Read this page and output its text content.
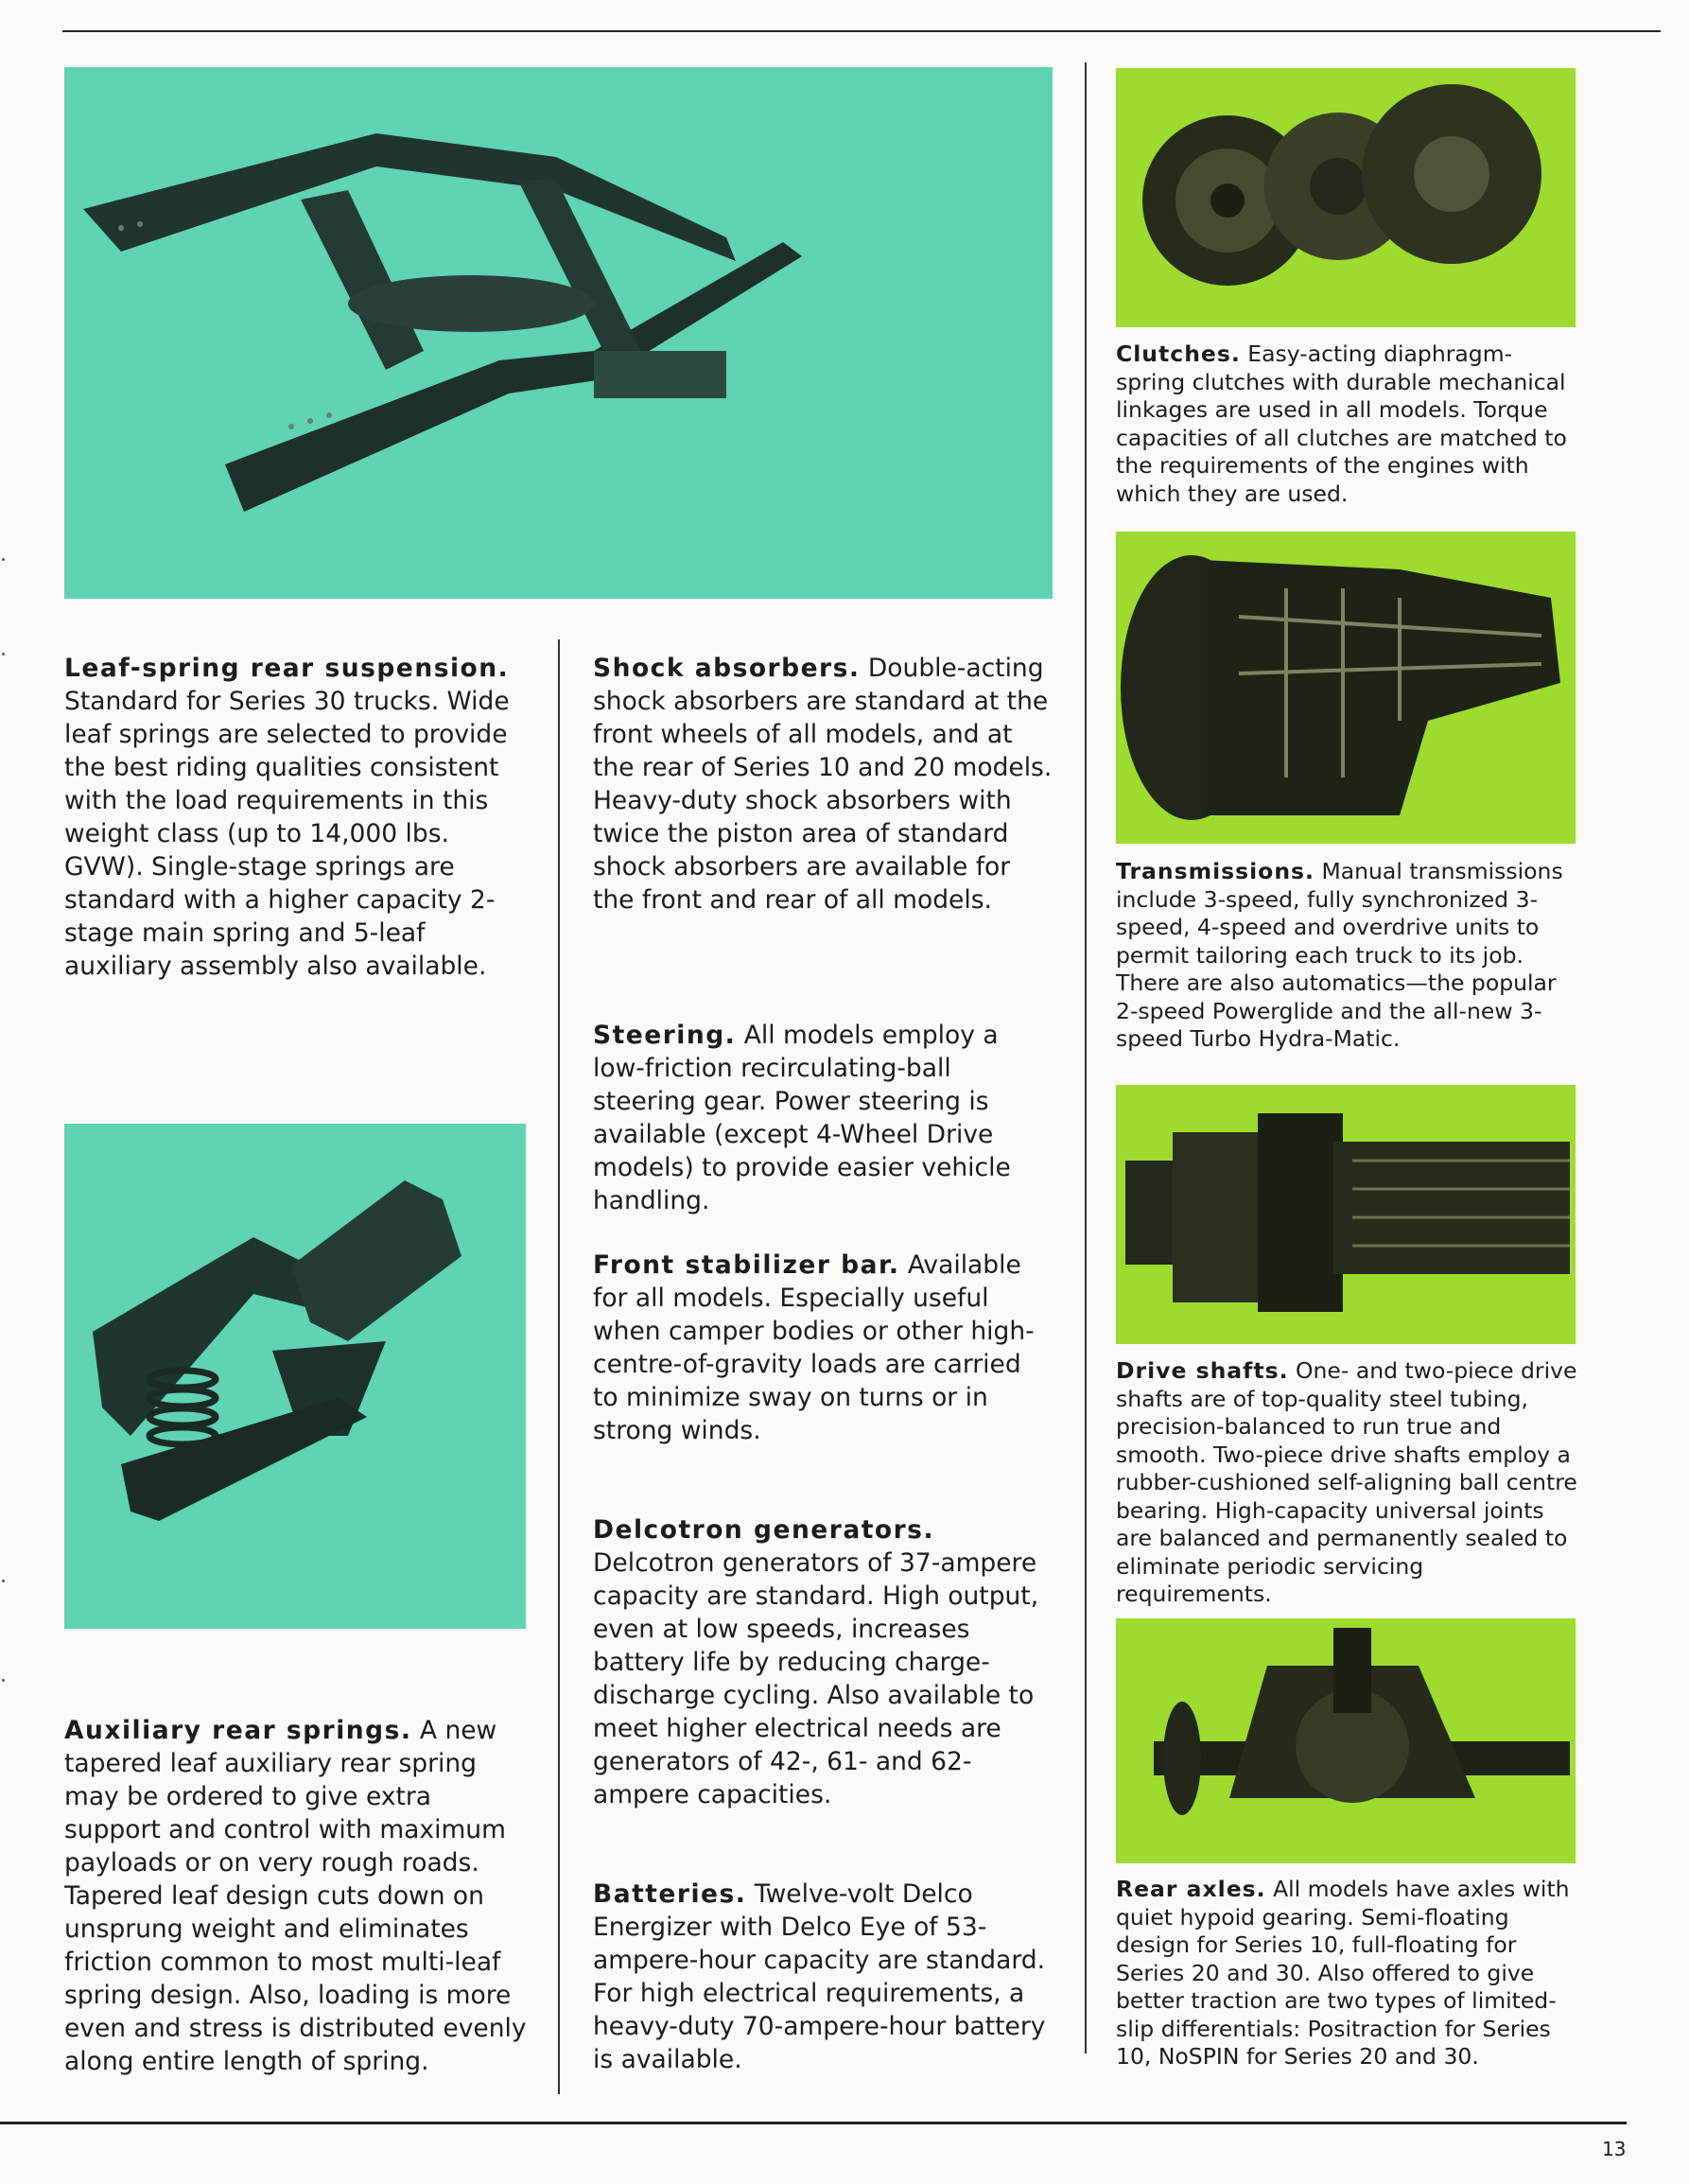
Leaf-spring rear suspension. Standard for Series 30 trucks. Wide leaf springs are selected to provide the best riding qualities consistent with the load requirements in this weight class (up to 14,000 lbs. GVW). Single-stage springs are standard with a higher capacity 2-stage main spring and 5-leaf auxiliary assembly also available.

Auxiliary rear springs. A new tapered leaf auxiliary rear spring may be ordered to give extra support and control with maximum payloads or on very rough roads. Tapered leaf design cuts down on unsprung weight and eliminates friction common to most multi-leaf spring design. Also, loading is more even and stress is distributed evenly along entire length of spring.

Shock absorbers. Double-acting shock absorbers are standard at the front wheels of all models, and at the rear of Series 10 and 20 models. Heavy-duty shock absorbers with twice the piston area of standard shock absorbers are available for the front and rear of all models.

Steering. All models employ a low-friction recirculating-ball steering gear. Power steering is available (except 4-Wheel Drive models) to provide easier vehicle handling.

Front stabilizer bar. Available for all models. Especially useful when camper bodies or other high-centre-of-gravity loads are carried to minimize sway on turns or in strong winds.

Delcotron generators. Delcotron generators of 37-ampere capacity are standard. High output, even at low speeds, increases battery life by reducing charge-discharge cycling. Also available to meet higher electrical needs are generators of 42-, 61- and 62-ampere capacities.

Batteries. Twelve-volt Delco Energizer with Delco Eye of 53-ampere-hour capacity are standard. For high electrical requirements, a heavy-duty 70-ampere-hour battery is available.

Clutches. Easy-acting diaphragm-spring clutches with durable mechanical linkages are used in all models. Torque capacities of all clutches are matched to the requirements of the engines with which they are used.
Transmissions. Manual transmissions include 3-speed, fully synchronized 3-speed, 4-speed and overdrive units to permit tailoring each truck to its job. There are also automatics—the popular 2-speed Powerglide and the all-new 3-speed Turbo Hydra-Matic.
Drive shafts. One- and two-piece drive shafts are of top-quality steel tubing, precision-balanced to run true and smooth. Two-piece drive shafts employ a rubber-cushioned self-aligning ball centre bearing. High-capacity universal joints are balanced and permanently sealed to eliminate periodic servicing requirements.
Rear axles. All models have axles with quiet hypoid gearing. Semi-floating design for Series 10, full-floating for Series 20 and 30. Also offered to give better traction are two types of limited-slip differentials: Positraction for Series 10, NoSPIN for Series 20 and 30.
13
